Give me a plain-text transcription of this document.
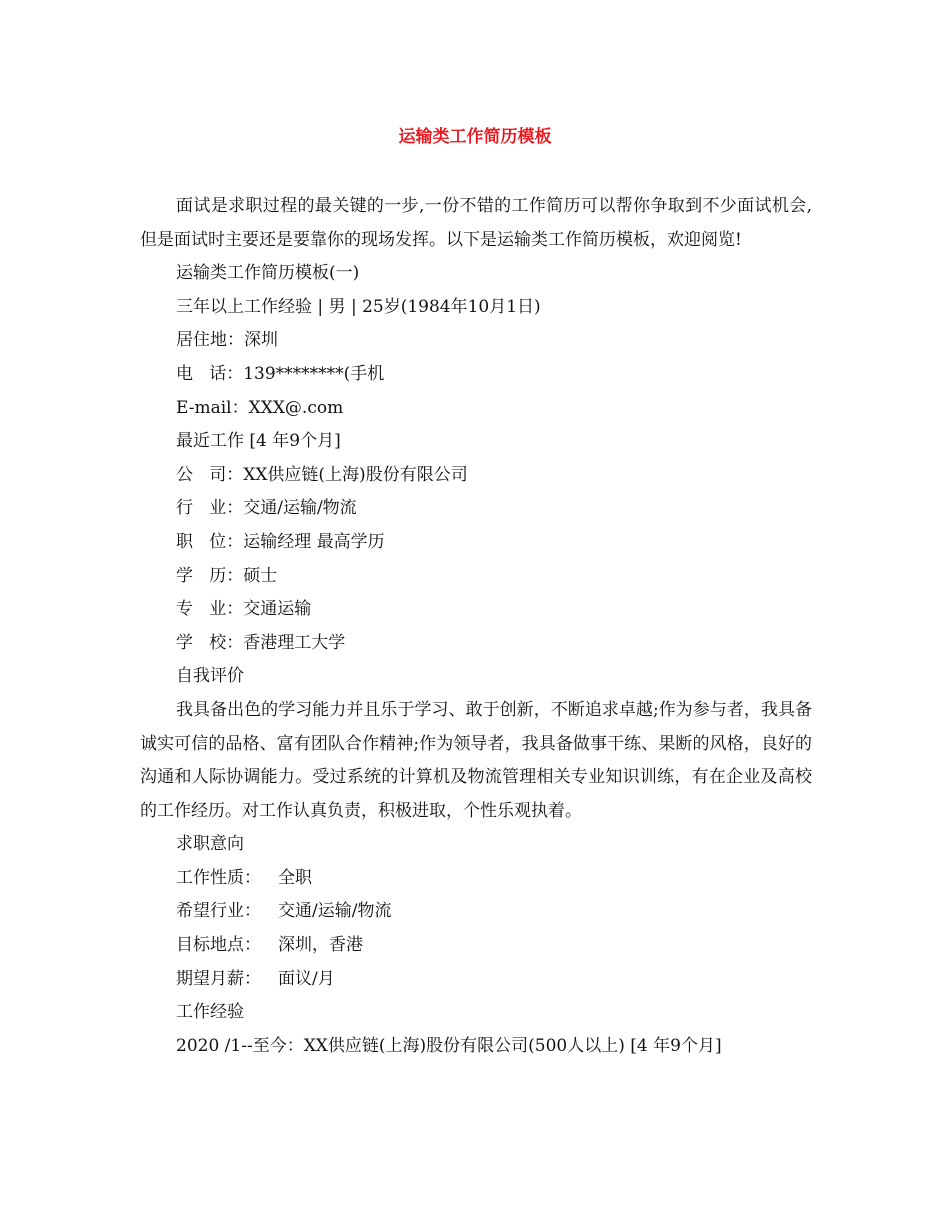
运输类工作简历模板

面试是求职过程的最关键的一步,一份不错的工作简历可以帮你争取到不少面试机会,但是面试时主要还是要靠你的现场发挥。以下是运输类工作简历模板，欢迎阅览!

运输类工作简历模板(一)

三年以上工作经验 | 男 | 25岁(1984年10月1日)

居住地：深圳

电 话：139********(手机

E-mail：XXX@.com

最近工作 [4 年9个月]

公 司：XX供应链(上海)股份有限公司

行 业：交通/运输/物流

职 位：运输经理 最高学历

学 历：硕士

专 业：交通运输

学 校：香港理工大学

自我评价

我具备出色的学习能力并且乐于学习、敢于创新，不断追求卓越;作为参与者，我具备诚实可信的品格、富有团队合作精神;作为领导者，我具备做事干练、果断的风格，良好的沟通和人际协调能力。受过系统的计算机及物流管理相关专业知识训练，有在企业及高校的工作经历。对工作认真负责，积极进取，个性乐观执着。

求职意向

工作性质： 全职

希望行业： 交通/运输/物流

目标地点： 深圳，香港

期望月薪： 面议/月

工作经验

2020 /1--至今：XX供应链(上海)股份有限公司(500人以上) [4 年9个月]
